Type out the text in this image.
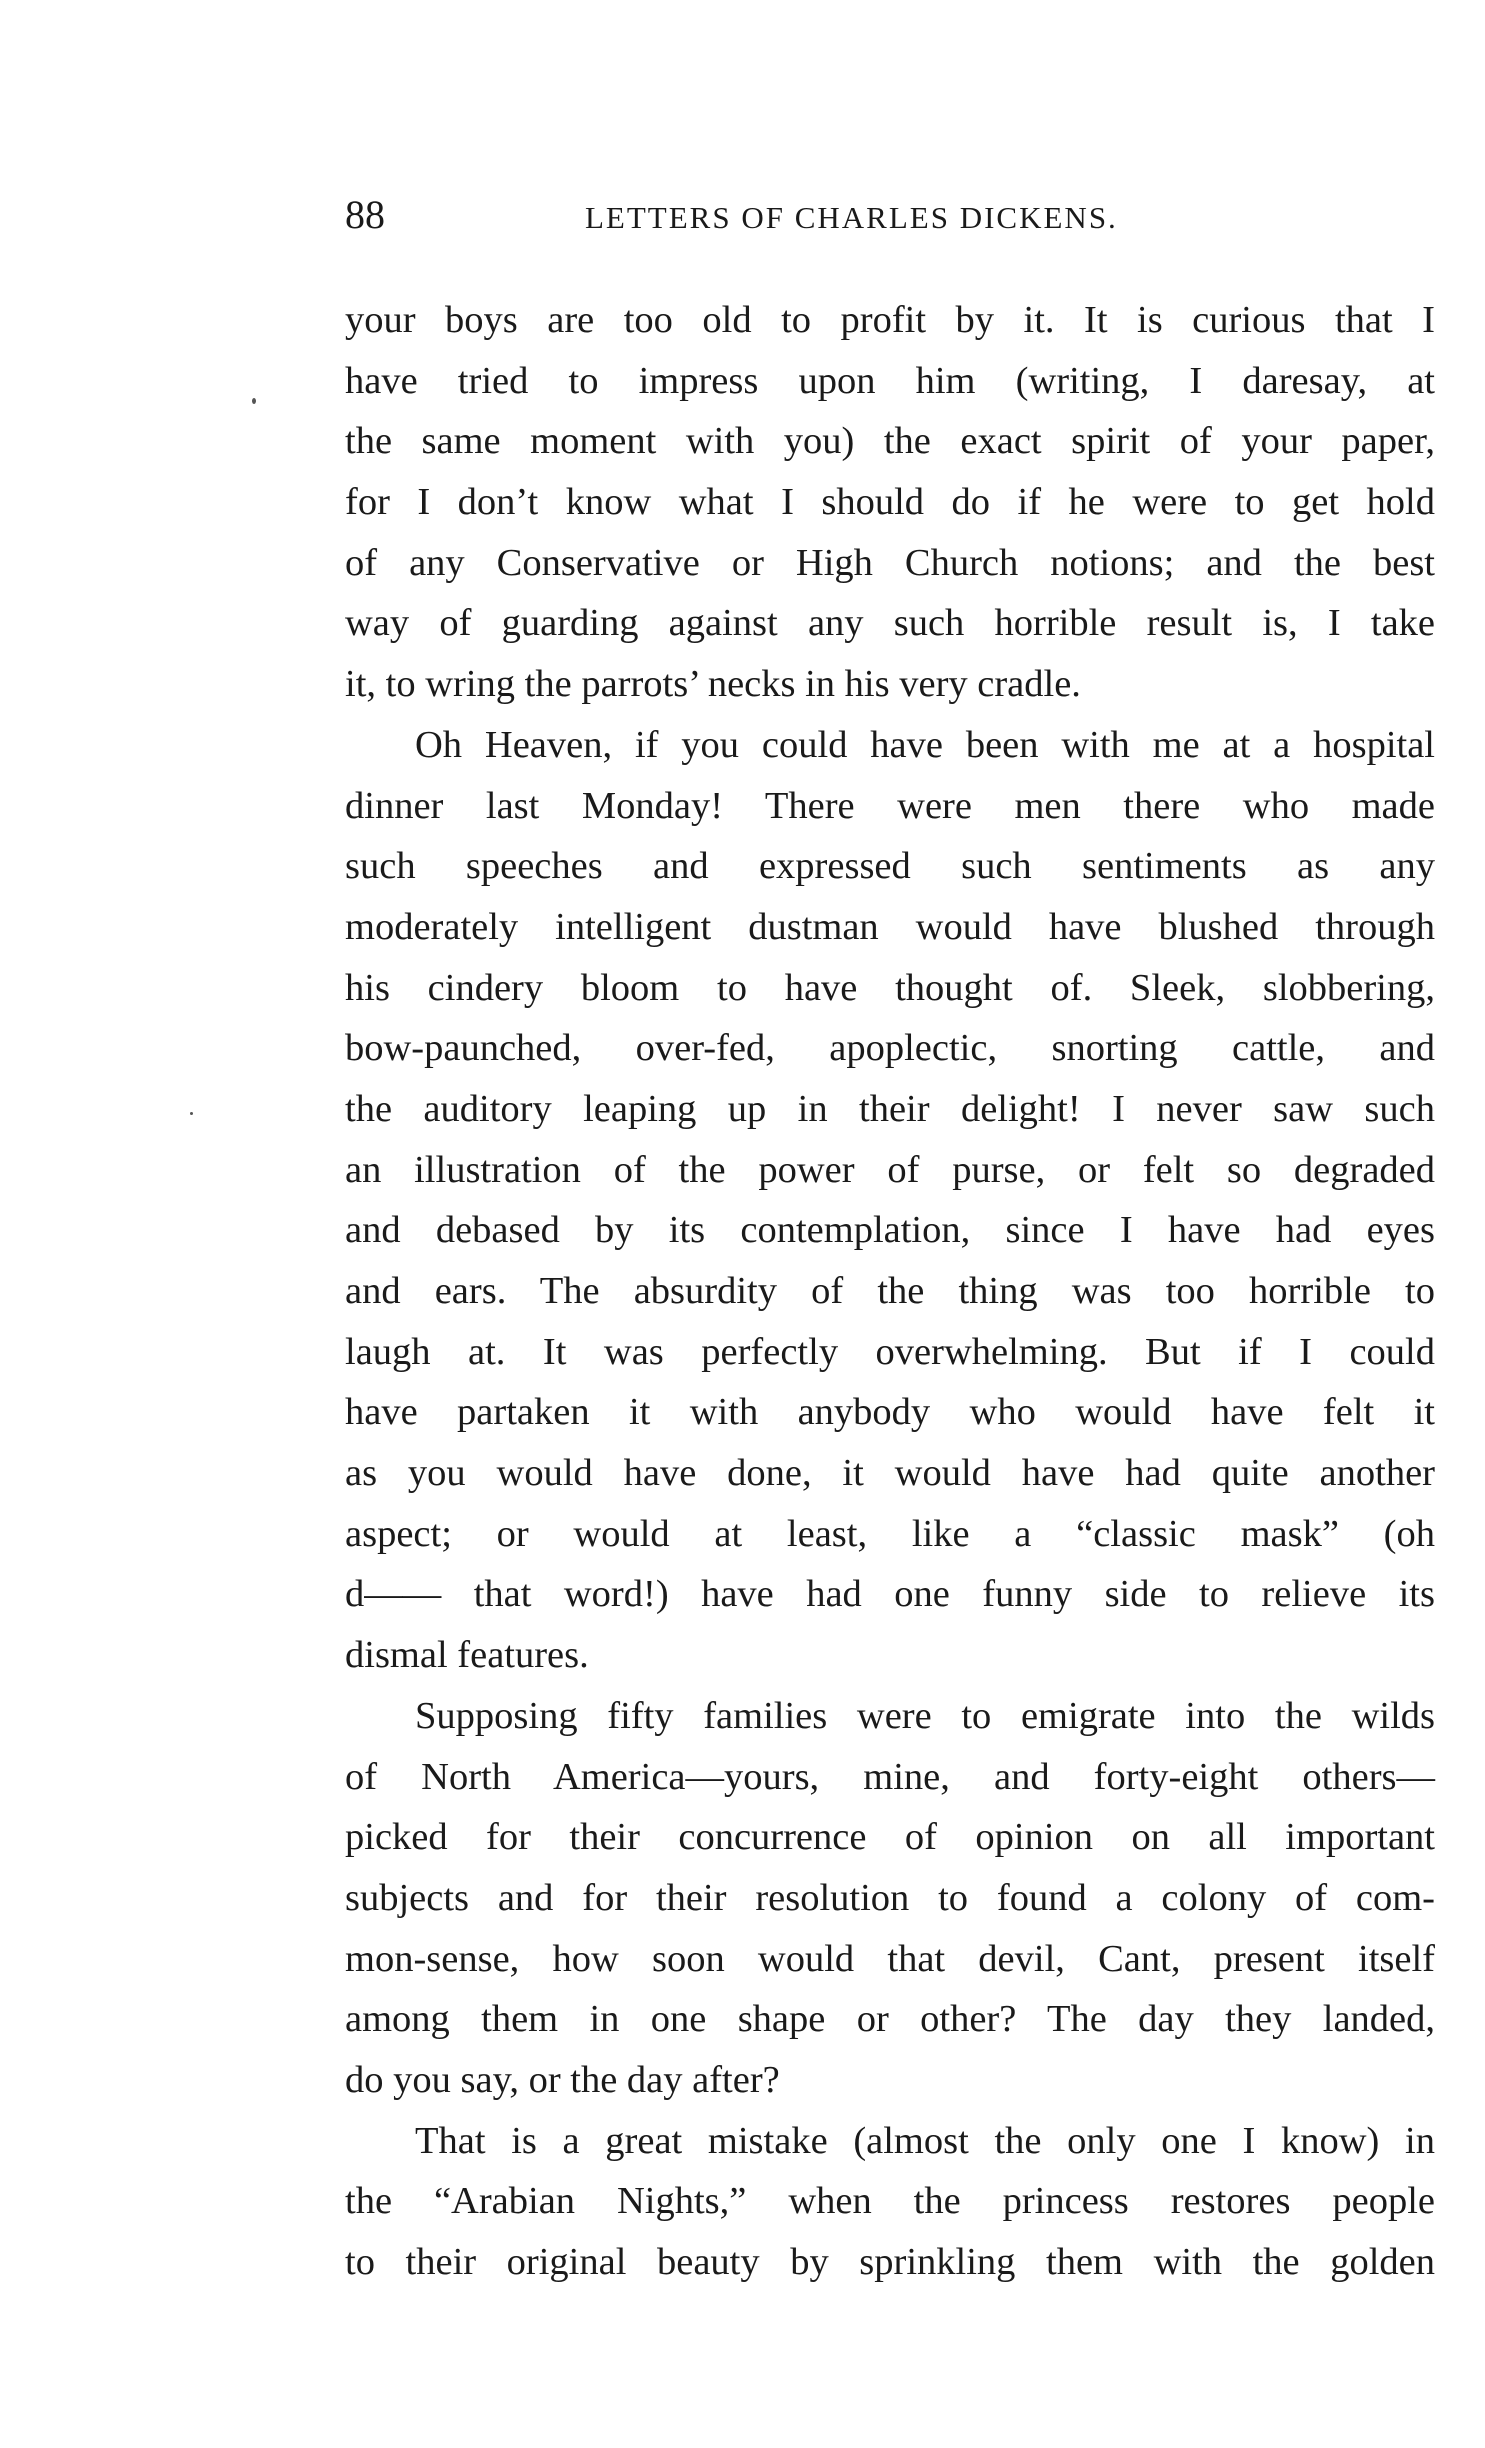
88	LETTERS OF CHARLES DICKENS.

your boys are too old to profit by it. It is curious that I
have tried to impress upon him (writing, I daresay, at
the same moment with you) the exact spirit of your paper,
for I don’t know what I should do if he were to get hold
of any Conservative or High Church notions; and the best
way of guarding against any such horrible result is, I take
it, to wring the parrots’ necks in his very cradle.

Oh Heaven, if you could have been with me at a hospital
dinner last Monday! There were men there who made
such speeches and expressed such sentiments as any
moderately intelligent dustman would have blushed through
his cindery bloom to have thought of. Sleek, slobbering,
bow-paunched, over-fed, apoplectic, snorting cattle, and
the auditory leaping up in their delight! I never saw such
an illustration of the power of purse, or felt so degraded
and debased by its contemplation, since I have had eyes
and ears. The absurdity of the thing was too horrible to
laugh at. It was perfectly overwhelming. But if I could
have partaken it with anybody who would have felt it
as you would have done, it would have had quite another
aspect; or would at least, like a “classic mask” (oh
d—— that word!) have had one funny side to relieve its
dismal features.

Supposing fifty families were to emigrate into the wilds
of North America—yours, mine, and forty-eight others—
picked for their concurrence of opinion on all important
subjects and for their resolution to found a colony of com-
mon-sense, how soon would that devil, Cant, present itself
among them in one shape or other? The day they landed,
do you say, or the day after?

That is a great mistake (almost the only one I know) in
the “Arabian Nights,” when the princess restores people
to their original beauty by sprinkling them with the golden
